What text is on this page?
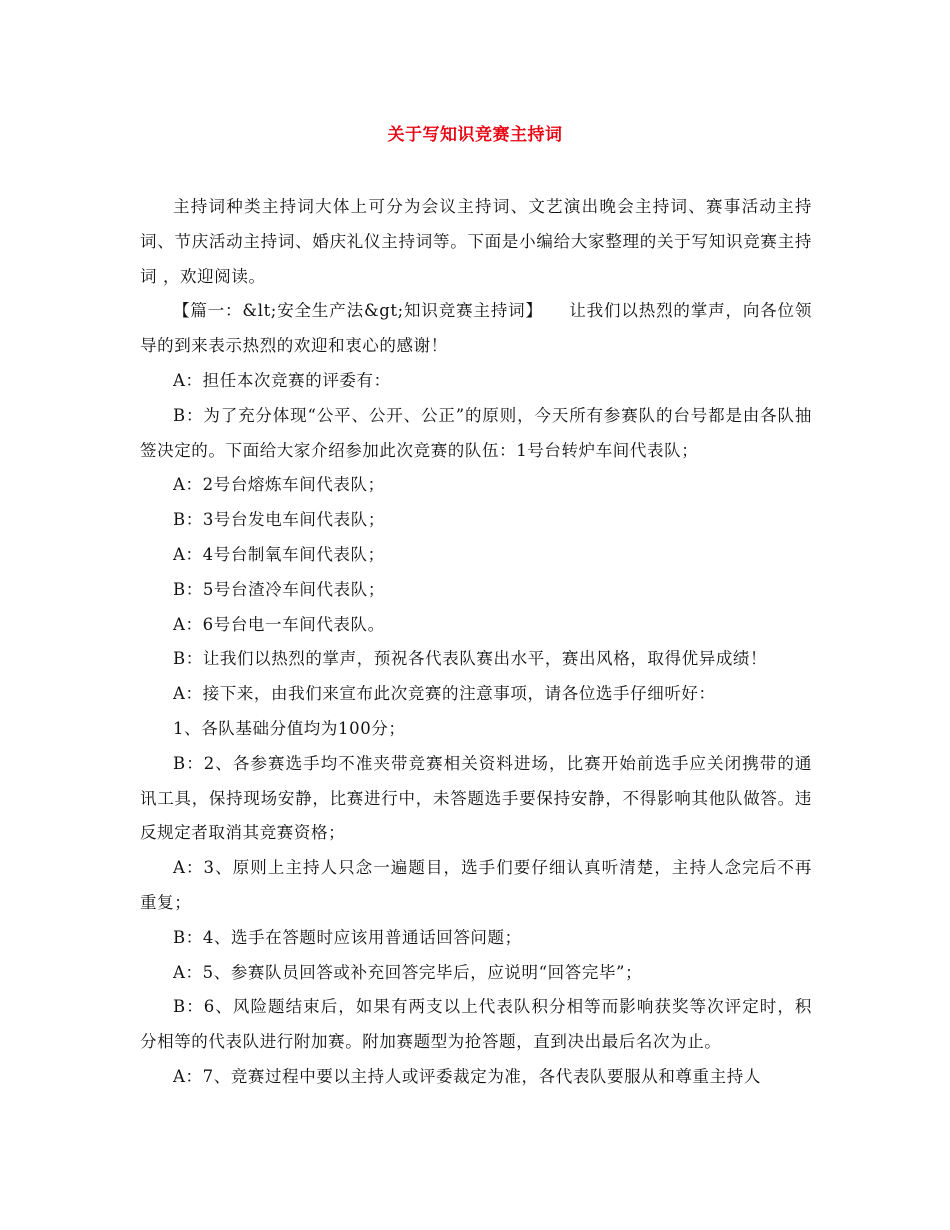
关于写知识竞赛主持词

主持词种类主持词大体上可分为会议主持词、文艺演出晚会主持词、赛事活动主持词、节庆活动主持词、婚庆礼仪主持词等。下面是小编给大家整理的关于写知识竞赛主持词 ，欢迎阅读。

【篇一：&lt;安全生产法&gt;知识竞赛主持词】　　让我们以热烈的掌声，向各位领导的到来表示热烈的欢迎和衷心的感谢！

A：担任本次竞赛的评委有：

B：为了充分体现“公平、公开、公正”的原则，今天所有参赛队的台号都是由各队抽签决定的。下面给大家介绍参加此次竞赛的队伍：1号台转炉车间代表队；

A：2号台熔炼车间代表队；

B：3号台发电车间代表队；

A：4号台制氧车间代表队；

B：5号台渣冷车间代表队；

A：6号台电一车间代表队。

B：让我们以热烈的掌声，预祝各代表队赛出水平，赛出风格，取得优异成绩！

A：接下来，由我们来宣布此次竞赛的注意事项，请各位选手仔细听好：

1、各队基础分值均为100分；

B：2、各参赛选手均不准夹带竞赛相关资料进场，比赛开始前选手应关闭携带的通讯工具，保持现场安静，比赛进行中，未答题选手要保持安静，不得影响其他队做答。违反规定者取消其竞赛资格；

A：3、原则上主持人只念一遍题目，选手们要仔细认真听清楚，主持人念完后不再重复；

B：4、选手在答题时应该用普通话回答问题；

A：5、参赛队员回答或补充回答完毕后，应说明“回答完毕”；

B：6、风险题结束后，如果有两支以上代表队积分相等而影响获奖等次评定时，积分相等的代表队进行附加赛。附加赛题型为抢答题，直到决出最后名次为止。

A：7、竞赛过程中要以主持人或评委裁定为准，各代表队要服从和尊重主持人
